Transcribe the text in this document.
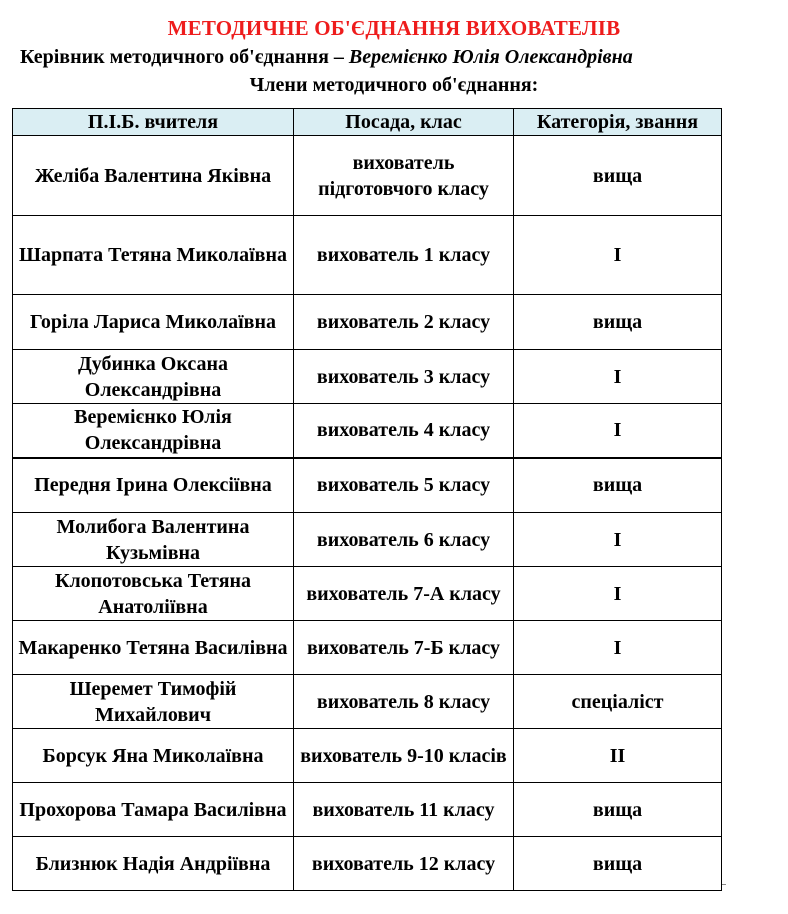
МЕТОДИЧНЕ ОБ'ЄДНАННЯ ВИХОВАТЕЛІВ
Керівник методичного об'єднання – Веремієнко Юлія Олександрівна
Члени методичного об'єднання:
П.І.Б. вчителя	Посада, клас	Категорія, звання
Желіба Валентина Яківна	вихователь підготовчого класу	вища
Шарпата Тетяна Миколаївна	вихователь 1 класу	І
Горіла Лариса Миколаївна	вихователь 2 класу	вища
Дубинка Оксана Олександрівна	вихователь 3 класу	І
Веремієнко Юлія Олександрівна	вихователь 4 класу	І
Передня Ірина Олексіївна	вихователь 5 класу	вища
Молибога Валентина Кузьмівна	вихователь 6 класу	І
Клопотовська Тетяна Анатоліївна	вихователь 7-А класу	І
Макаренко Тетяна Василівна	вихователь 7-Б класу	І
Шеремет Тимофій Михайлович	вихователь 8 класу	спеціаліст
Борсук Яна Миколаївна	вихователь 9-10 класів	ІІ
Прохорова Тамара Василівна	вихователь 11 класу	вища
Близнюк Надія Андріївна	вихователь 12 класу	вища
